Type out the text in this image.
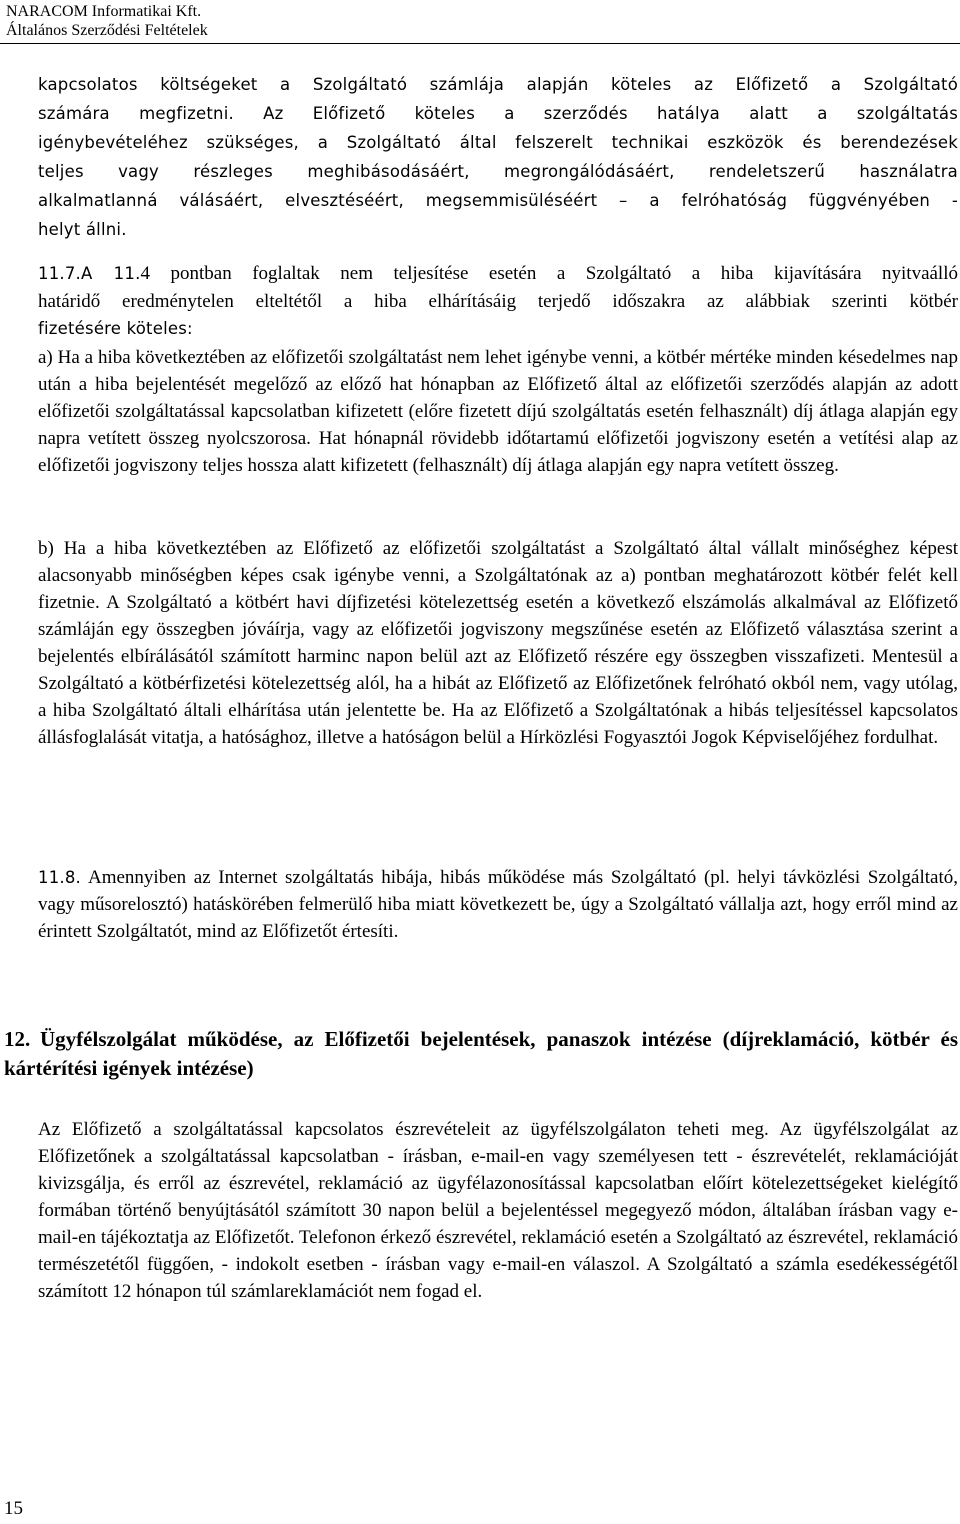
NARACOM Informatikai Kft.
Általános Szerződési Feltételek
kapcsolatos költségeket a Szolgáltató számlája alapján köteles az Előfizető a Szolgáltató
számára megfizetni. Az Előfizető köteles a szerződés hatálya alatt a szolgáltatás
igénybevételéhez szükséges, a Szolgáltató által felszerelt technikai eszközök és berendezések
teljes vagy részleges meghibásodásáért, megrongálódásáért, rendeletszerű használatra
alkalmatlanná válásáért, elvesztéséért, megsemmisüléséért – a felróhatóság függvényében -
helyt állni.
11.7.A 11.4 pontban foglaltak nem teljesítése esetén a Szolgáltató a hiba kijavítására nyitvaálló
határidő eredménytelen elteltétől a hiba elhárításáig terjedő időszakra az alábbiak szerinti kötbér
fizetésére köteles:

a) Ha a hiba következtében az előfizetői szolgáltatást nem lehet igénybe venni, a kötbér mértéke minden késedelmes nap után a hiba bejelentését megelőző az előző hat hónapban az Előfizető által az előfizetői szerződés alapján az adott előfizetői szolgáltatással kapcsolatban kifizetett (előre fizetett díjú szolgáltatás esetén felhasznált) díj átlaga alapján egy napra vetített összeg nyolcszorosa. Hat hónapnál rövidebb időtartamú előfizetői jogviszony esetén a vetítési alap az előfizetői jogviszony teljes hossza alatt kifizetett (felhasznált) díj átlaga alapján egy napra vetített összeg.

b) Ha a hiba következtében az Előfizető az előfizetői szolgáltatást a Szolgáltató által vállalt minőséghez képest alacsonyabb minőségben képes csak igénybe venni, a Szolgáltatónak az a) pontban meghatározott kötbér felét kell fizetnie. A Szolgáltató a kötbért havi díjfizetési kötelezettség esetén a következő elszámolás alkalmával az Előfizető számláján egy összegben jóváírja, vagy az előfizetői jogviszony megszűnése esetén az Előfizető választása szerint a bejelentés elbírálásától számított harminc napon belül azt az Előfizető részére egy összegben visszafizeti. Mentesül a Szolgáltató a kötbérfizetési kötelezettség alól, ha a hibát az Előfizető az Előfizetőnek felróható okból nem, vagy utólag, a hiba Szolgáltató általi elhárítása után jelentette be. Ha az Előfizető a Szolgáltatónak a hibás teljesítéssel kapcsolatos állásfoglalását vitatja, a hatósághoz, illetve a hatóságon belül a Hírközlési Fogyasztói Jogok Képviselőjéhez fordulhat.

11.8. Amennyiben az Internet szolgáltatás hibája, hibás működése más Szolgáltató (pl. helyi távközlési Szolgáltató, vagy műsorelosztó) hatáskörében felmerülő hiba miatt következett be, úgy a Szolgáltató vállalja azt, hogy erről mind az érintett Szolgáltatót, mind az Előfizetőt értesíti.

12. Ügyfélszolgálat működése, az Előfizetői bejelentések, panaszok intézése (díjreklamáció, kötbér és kártérítési igények intézése)

Az Előfizető a szolgáltatással kapcsolatos észrevételeit az ügyfélszolgálaton teheti meg. Az ügyfélszolgálat az Előfizetőnek a szolgáltatással kapcsolatban - írásban, e-mail-en vagy személyesen tett - észrevételét, reklamációját kivizsgálja, és erről az észrevétel, reklamáció az ügyfélazonosítással kapcsolatban előírt kötelezettségeket kielégítő formában történő benyújtásától számított 30 napon belül a bejelentéssel megegyező módon, általában írásban vagy e-mail-en tájékoztatja az Előfizetőt. Telefonon érkező észrevétel, reklamáció esetén a Szolgáltató az észrevétel, reklamáció természetétől függően, - indokolt esetben - írásban vagy e-mail-en válaszol. A Szolgáltató a számla esedékességétől számított 12 hónapon túl számlareklamációt nem fogad el.

15
